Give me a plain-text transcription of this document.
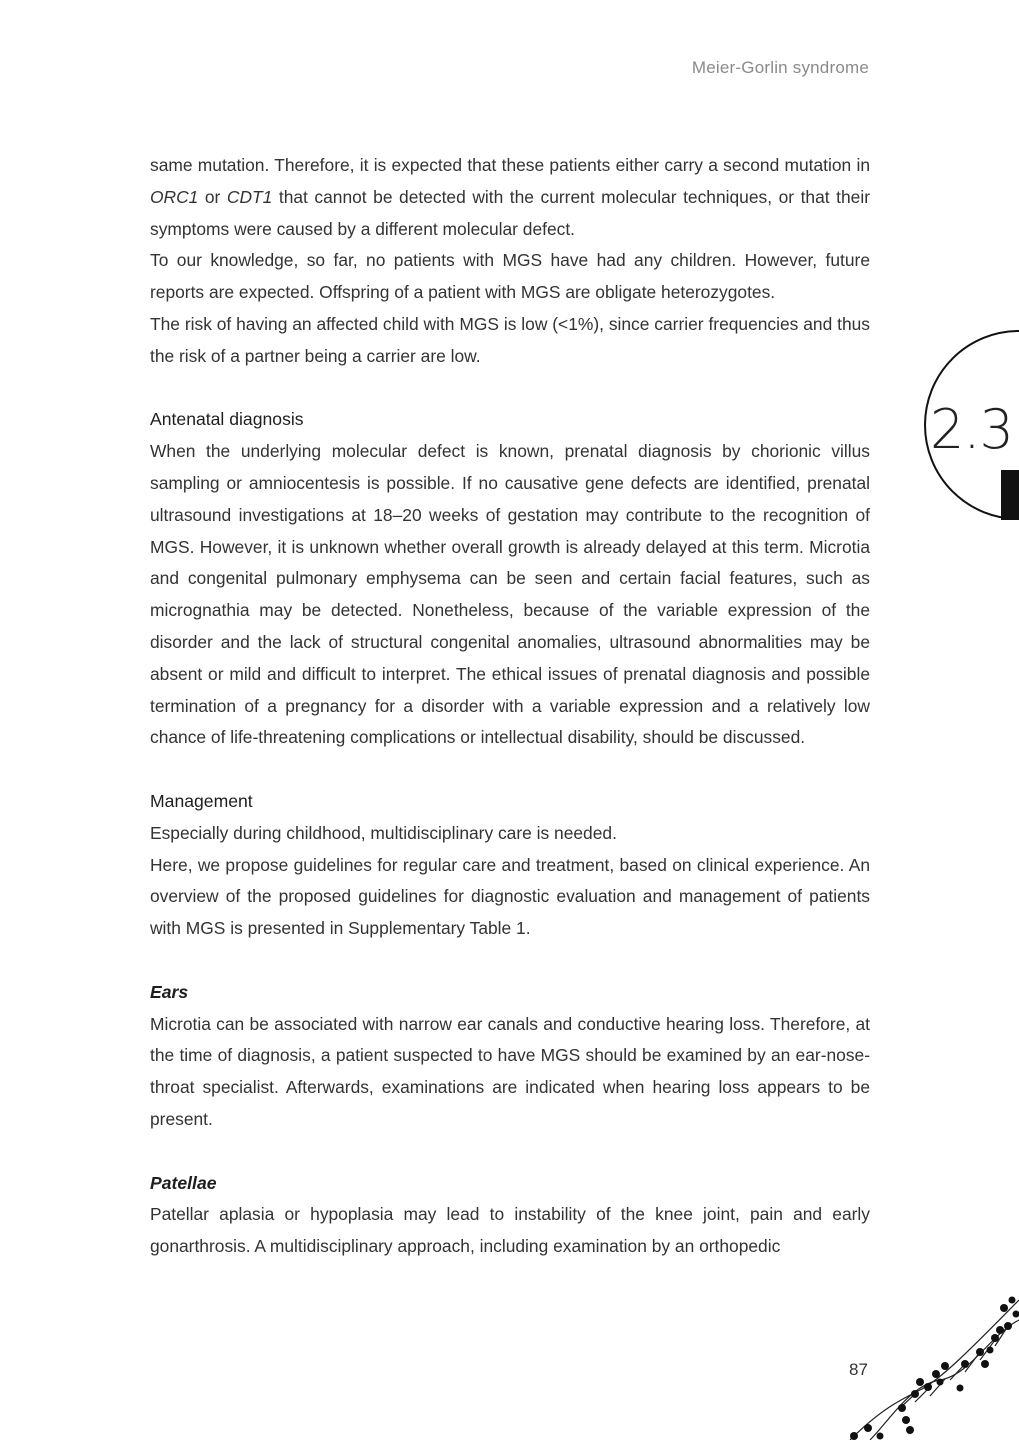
Meier-Gorlin syndrome
2.3

same mutation. Therefore, it is expected that these patients either carry a second mutation in ORC1 or CDT1 that cannot be detected with the current molecular techniques, or that their symptoms were caused by a different molecular defect.

To our knowledge, so far, no patients with MGS have had any children. However, future reports are expected. Offspring of a patient with MGS are obligate heterozygotes.

The risk of having an affected child with MGS is low (<1%), since carrier frequencies and thus the risk of a partner being a carrier are low.

Antenatal diagnosis

When the underlying molecular defect is known, prenatal diagnosis by chorionic villus sampling or amniocentesis is possible. If no causative gene defects are identified, prenatal ultrasound investigations at 18–20 weeks of gestation may contribute to the recognition of MGS. However, it is unknown whether overall growth is already delayed at this term. Microtia and congenital pulmonary emphysema can be seen and certain facial features, such as micrognathia may be detected. Nonetheless, because of the variable expression of the disorder and the lack of structural congenital anomalies, ultrasound abnormalities may be absent or mild and difficult to interpret. The ethical issues of prenatal diagnosis and possible termination of a pregnancy for a disorder with a variable expression and a relatively low chance of life-threatening complications or intellectual disability, should be discussed.

Management

Especially during childhood, multidisciplinary care is needed.

Here, we propose guidelines for regular care and treatment, based on clinical experience. An overview of the proposed guidelines for diagnostic evaluation and management of patients with MGS is presented in Supplementary Table 1.

Ears

Microtia can be associated with narrow ear canals and conductive hearing loss. Therefore, at the time of diagnosis, a patient suspected to have MGS should be examined by an ear-nose-throat specialist. Afterwards, examinations are indicated when hearing loss appears to be present.

Patellae

Patellar aplasia or hypoplasia may lead to instability of the knee joint, pain and early gonarthrosis. A multidisciplinary approach, including examination by an orthopedic

87
